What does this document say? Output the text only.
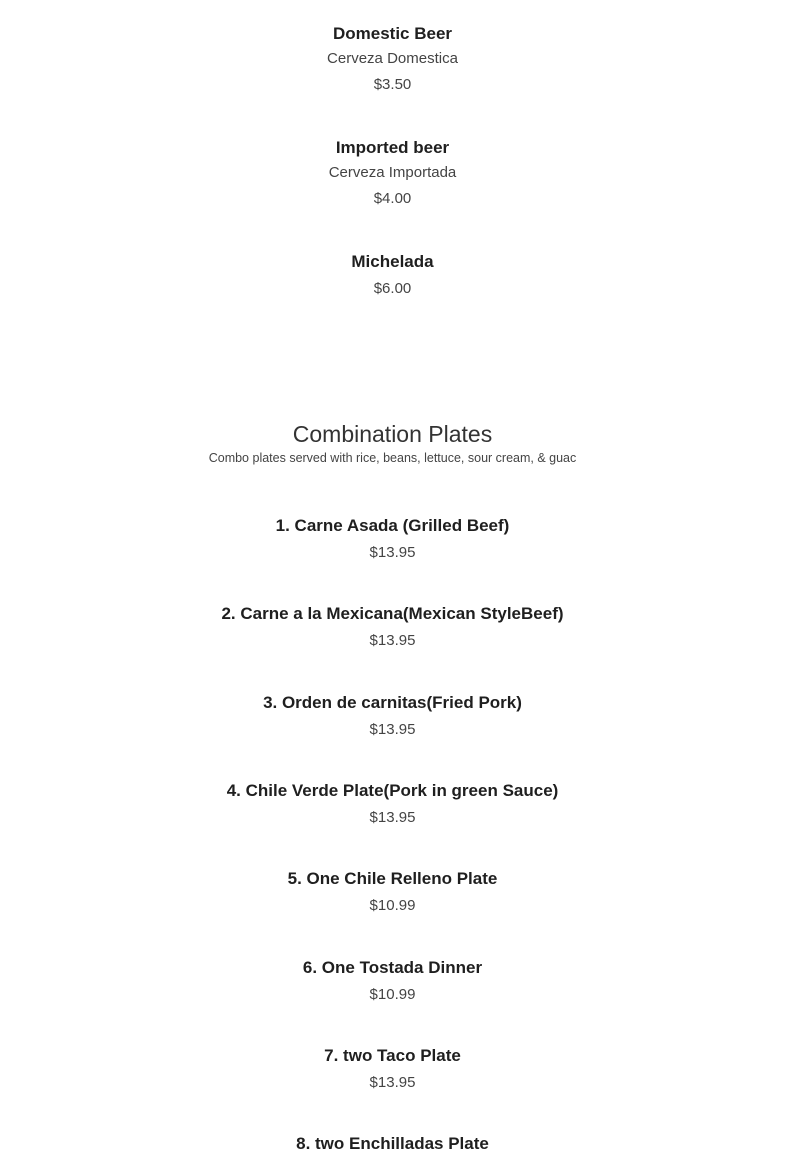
Domestic Beer
Cerveza Domestica
$3.50
Imported beer
Cerveza Importada
$4.00
Michelada
$6.00
Combination Plates
Combo plates served with rice, beans, lettuce, sour cream, & guac
1. Carne Asada (Grilled Beef)
$13.95
2. Carne a la Mexicana(Mexican StyleBeef)
$13.95
3. Orden de carnitas(Fried Pork)
$13.95
4. Chile Verde Plate(Pork in green Sauce)
$13.95
5. One Chile Relleno Plate
$10.99
6. One Tostada Dinner
$10.99
7. two Taco Plate
$13.95
8. two Enchilladas Plate
